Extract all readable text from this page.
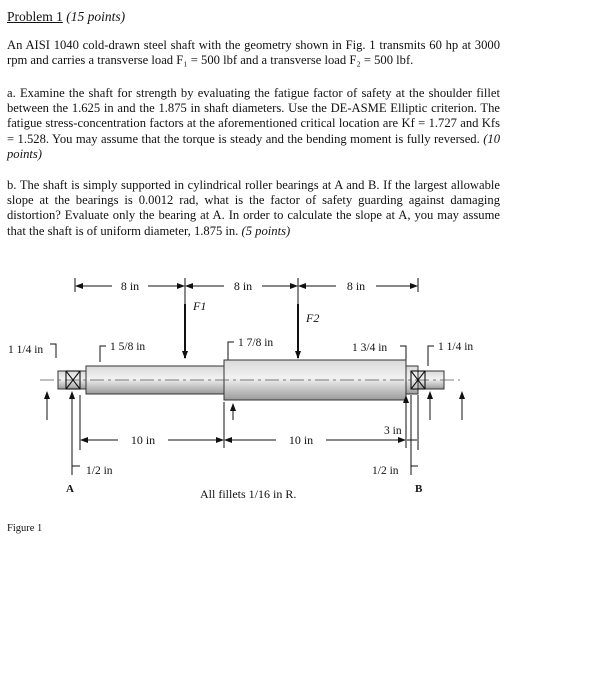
Problem 1 (15 points)
An AISI 1040 cold-drawn steel shaft with the geometry shown in Fig. 1 transmits 60 hp at 3000 rpm and carries a transverse load F₁ = 500 lbf and a transverse load F₂ = 500 lbf.
a. Examine the shaft for strength by evaluating the fatigue factor of safety at the shoulder fillet between the 1.625 in and the 1.875 in shaft diameters. Use the DE-ASME Elliptic criterion. The fatigue stress-concentration factors at the aforementioned critical location are Kf = 1.727 and Kfs = 1.528. You may assume that the torque is steady and the bending moment is fully reversed. (10 points)
b. The shaft is simply supported in cylindrical roller bearings at A and B. If the largest allowable slope at the bearings is 0.0012 rad, what is the factor of safety guarding against damaging distortion? Evaluate only the bearing at A. In order to calculate the slope at A, you may assume that the shaft is of uniform diameter, 1.875 in. (5 points)
8 in	8 in	8 in
F1
F2
1 1/4 in	1 5/8 in	1 7/8 in	1 3/4 in	1 1/4 in
10 in	10 in
3 in
1/2 in	1/2 in
A	B
All fillets 1/16 in R.
Figure 1
